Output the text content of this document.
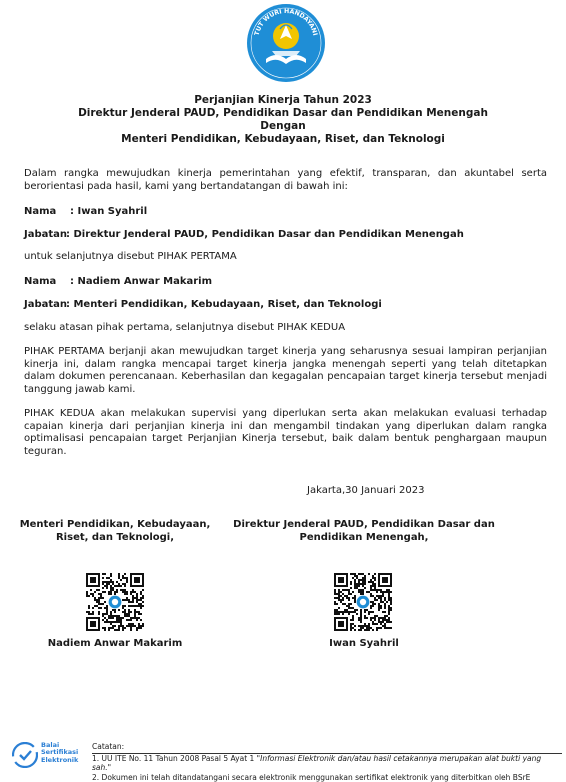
TUT WURI HANDAYANI
Perjanjian Kinerja Tahun 2023
Direktur Jenderal PAUD, Pendidikan Dasar dan Pendidikan Menengah
Dengan
Menteri Pendidikan, Kebudayaan, Riset, dan Teknologi
Dalam rangka mewujudkan kinerja pemerintahan yang efektif, transparan, dan akuntabel serta berorientasi pada hasil, kami yang bertandatangan di bawah ini:
Nama : Iwan Syahril
Jabatan: Direktur Jenderal PAUD, Pendidikan Dasar dan Pendidikan Menengah
untuk selanjutnya disebut PIHAK PERTAMA
Nama : Nadiem Anwar Makarim
Jabatan: Menteri Pendidikan, Kebudayaan, Riset, dan Teknologi
selaku atasan pihak pertama, selanjutnya disebut PIHAK KEDUA
PIHAK PERTAMA berjanji akan mewujudkan target kinerja yang seharusnya sesuai lampiran perjanjian kinerja ini, dalam rangka mencapai target kinerja jangka menengah seperti yang telah ditetapkan dalam dokumen perencanaan. Keberhasilan dan kegagalan pencapaian target kinerja tersebut menjadi tanggung jawab kami.
PIHAK KEDUA akan melakukan supervisi yang diperlukan serta akan melakukan evaluasi terhadap capaian kinerja dari perjanjian kinerja ini dan mengambil tindakan yang diperlukan dalam rangka optimalisasi pencapaian target Perjanjian Kinerja tersebut, baik dalam bentuk penghargaan maupun teguran.
Jakarta,30 Januari 2023
Menteri Pendidikan, Kebudayaan,
Riset, dan Teknologi,
Nadiem Anwar Makarim
Direktur Jenderal PAUD, Pendidikan Dasar dan
Pendidikan Menengah,
Iwan Syahril
Balai
Sertifikasi
Elektronik
Catatan:
1. UU ITE No. 11 Tahun 2008 Pasal 5 Ayat 1 "Informasi Elektronik dan/atau hasil cetakannya merupakan alat bukti yang sah."
2. Dokumen ini telah ditandatangani secara elektronik menggunakan sertifikat elektronik yang diterbitkan oleh BSrE
